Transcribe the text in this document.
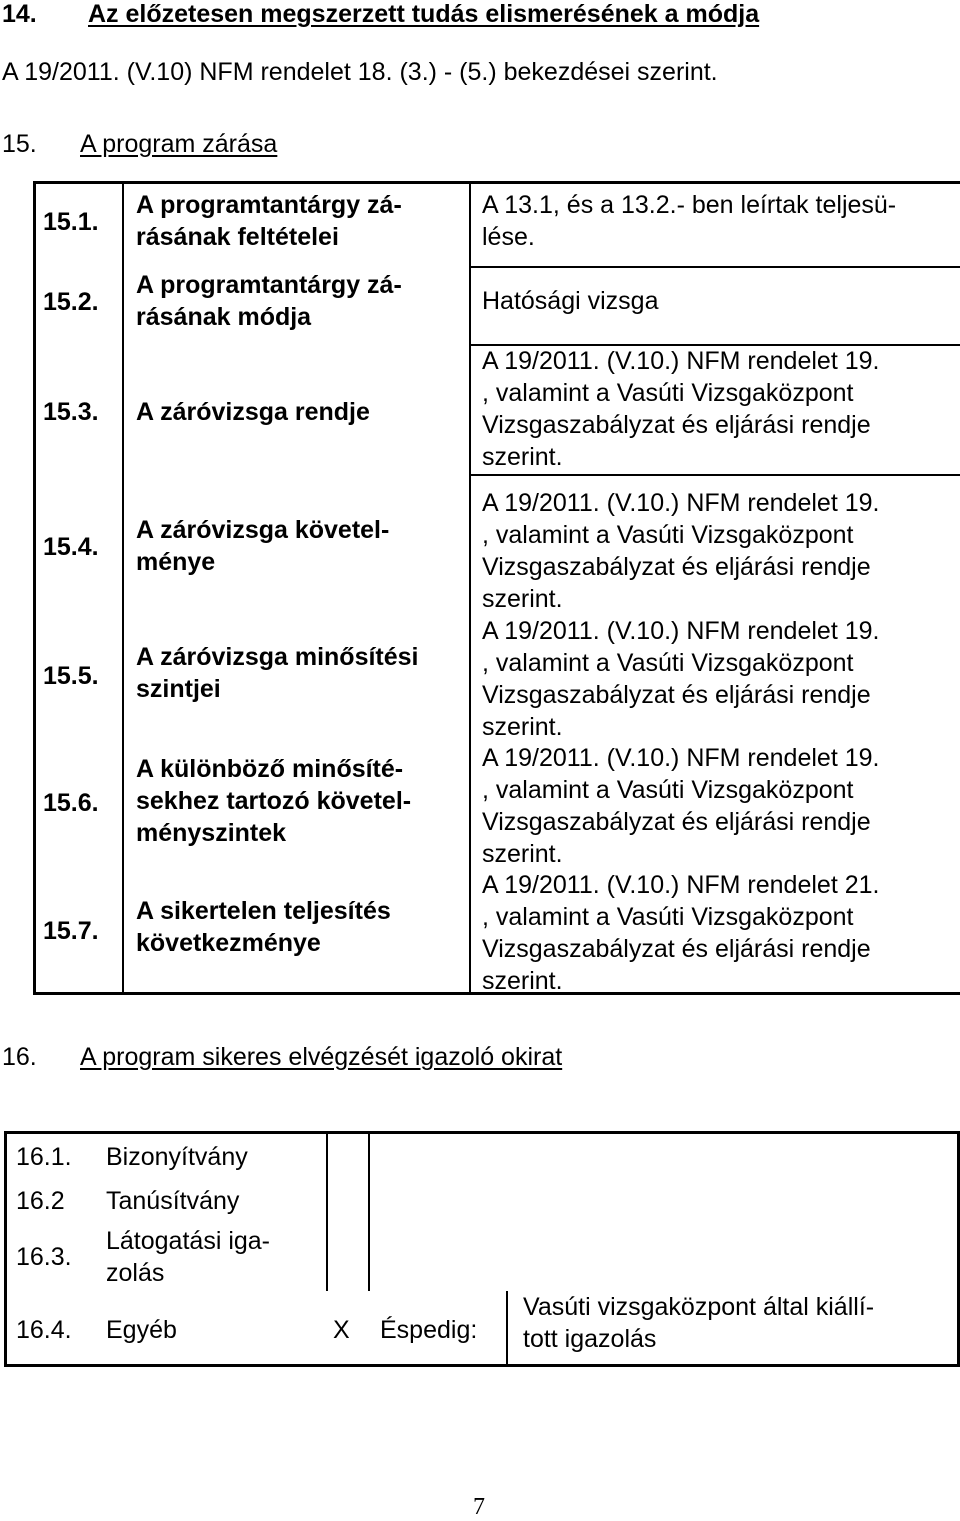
14. Az előzetesen megszerzett tudás elismerésének a módja
A 19/2011. (V.10) NFM rendelet 18. (3.) - (5.) bekezdései szerint.
15. A program zárása
15.1.
15.2.
15.3.
15.4.
15.5.
15.6.
15.7.
A programtantárgy zá-
rásának feltételei
A programtantárgy zá-
rásának módja
A záróvizsga rendje
A záróvizsga követel-
ménye
A záróvizsga minősítési
szintjei
A különböző minősíté-
sekhez tartozó követel-
ményszintek
A sikertelen teljesítés
következménye
A 13.1, és a 13.2.- ben leírtak teljesü-
lése.
Hatósági vizsga
A 19/2011. (V.10.) NFM rendelet 19.
, valamint a Vasúti Vizsgaközpont
Vizsgaszabályzat és eljárási rendje
szerint.
A 19/2011. (V.10.) NFM rendelet 19.
, valamint a Vasúti Vizsgaközpont
Vizsgaszabályzat és eljárási rendje
szerint.
A 19/2011. (V.10.) NFM rendelet 19.
, valamint a Vasúti Vizsgaközpont
Vizsgaszabályzat és eljárási rendje
szerint.
A 19/2011. (V.10.) NFM rendelet 19.
, valamint a Vasúti Vizsgaközpont
Vizsgaszabályzat és eljárási rendje
szerint.
A 19/2011. (V.10.) NFM rendelet 21.
, valamint a Vasúti Vizsgaközpont
Vizsgaszabályzat és eljárási rendje
szerint.
16. A program sikeres elvégzését igazoló okirat
16.1. Bizonyítvány
16.2 Tanúsítvány
16.3.
Látogatási iga-
zolás
16.4. Egyéb	X Éspedig:
Vasúti vizsgaközpont által kiállí-
tott igazolás
7
